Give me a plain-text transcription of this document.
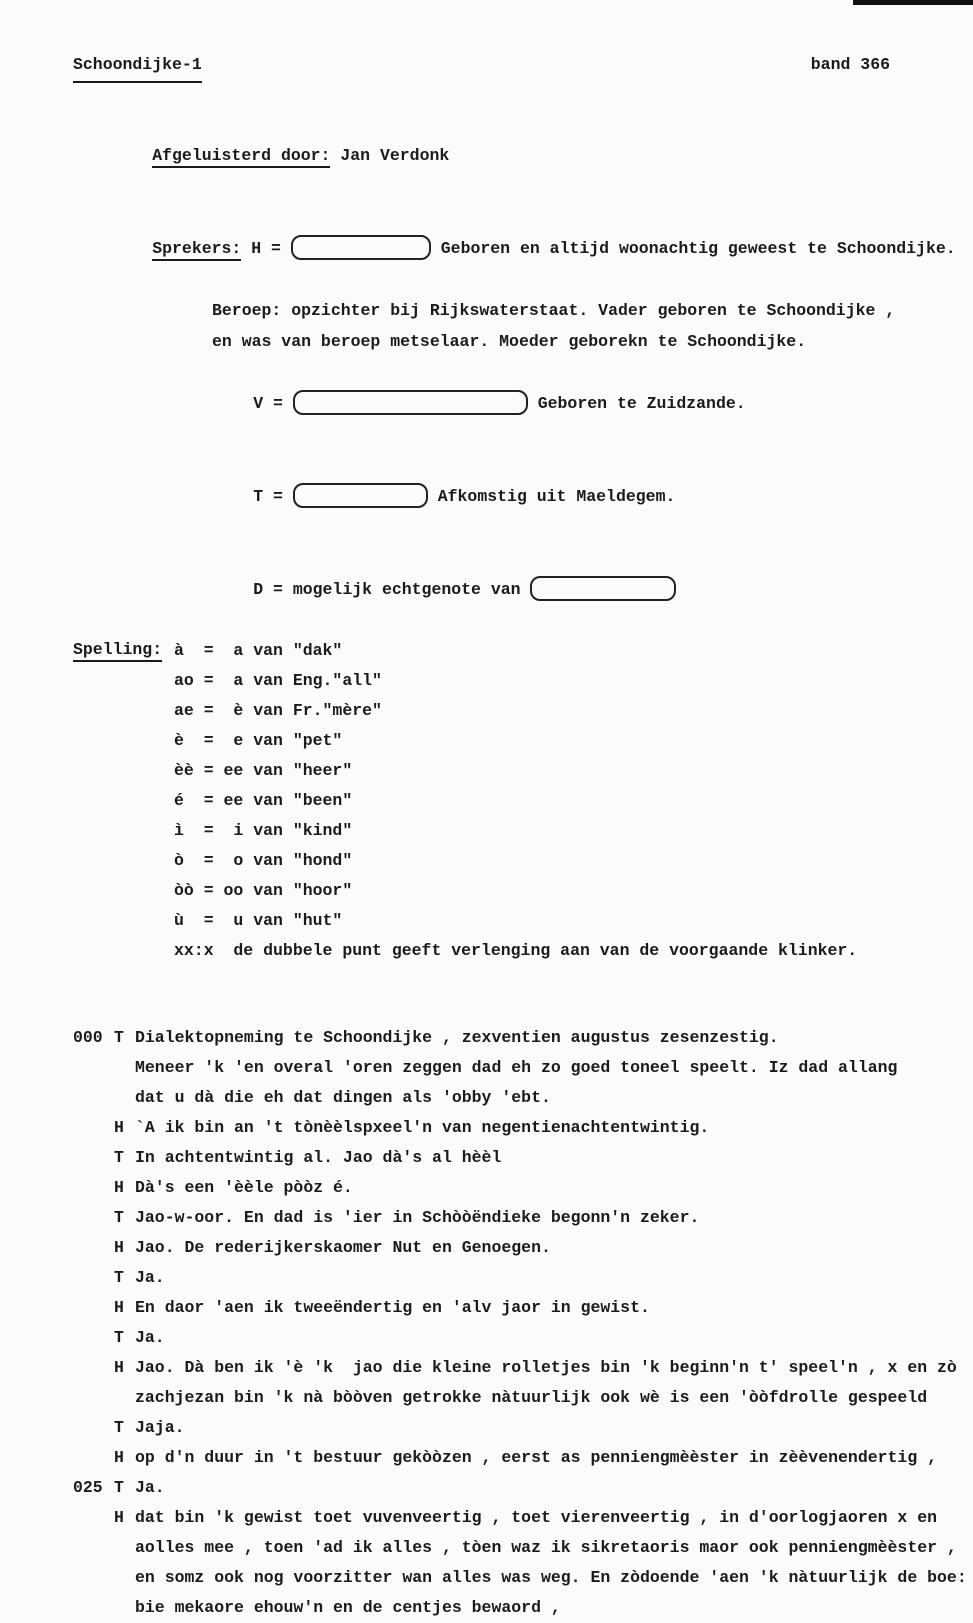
Schoondijke-1	band 366

Afgeluisterd door: Jan Verdonk

Sprekers: H =	Geboren en altijd woonachtig geweest te Schoondijke.

Beroep: opzichter bij Rijkswaterstaat. Vader geboren te Schoondijke ,
en was van beroep metselaar. Moeder geborekn te Schoondijke.

V =	Geboren te Zuidzande.

T =	Afkomstig uit Maeldegem.

D = mogelijk echtgenote van

Spelling: à  =  a van "dak"
ao =  a van Eng."all"
ae =  è van Fr."mère"
è  =  e van "pet"
èè = ee van "heer"
é  = ee van "been"
ì  =  i van "kind"
ò  =  o van "hond"
òò = oo van "hoor"
ù  =  u van "hut"
xx:x  de dubbele punt geeft verlenging aan van de voorgaande klinker.
000 T Dialektopneming te Schoondijke , zexventien augustus zesenzestig.
Meneer 'k 'en overal 'oren zeggen dad eh zo goed toneel speelt. Iz dad allang
dat u dà die eh dat dingen als 'obby 'ebt.
H `A ik bin an 't tònèèlspxeel'n van negentienachtentwintig.
T In achtentwintig al. Jao dà's al hèèl
H Dà's een 'èèle pòòz é.
T Jao-w-oor. En dad is 'ier in Schòòëndieke begonn'n zeker.
H Jao. De rederijkerskaomer Nut en Genoegen.
T Ja.
H En daor 'aen ik tweeëndertig en 'alv jaor in gewist.
T Ja.
H Jao. Dà ben ik 'è 'k  jao die kleine rolletjes bin 'k beginn'n t' speel'n , x en zò
zachjezan bin 'k nà bòòven getrokke nàtuurlijk ook wè is een 'òòfdrolle gespeeld
T Jaja.
H op d'n duur in 't bestuur gekòòzen , eerst as penniengmèèster in zèèvenendertig ,
025 T Ja.
H dat bin 'k gewist toet vuvenveertig , toet vierenveertig , in d'oorlogjaoren x en
aolles mee , toen 'ad ik alles , tòen waz ik sikretaoris maor ook penniengmèèster ,
en somz ook nog voorzitter wan alles was weg. En zòdoende 'aen 'k nàtuurlijk de boe:
bie mekaore ehouw'n en de centjes bewaord ,
